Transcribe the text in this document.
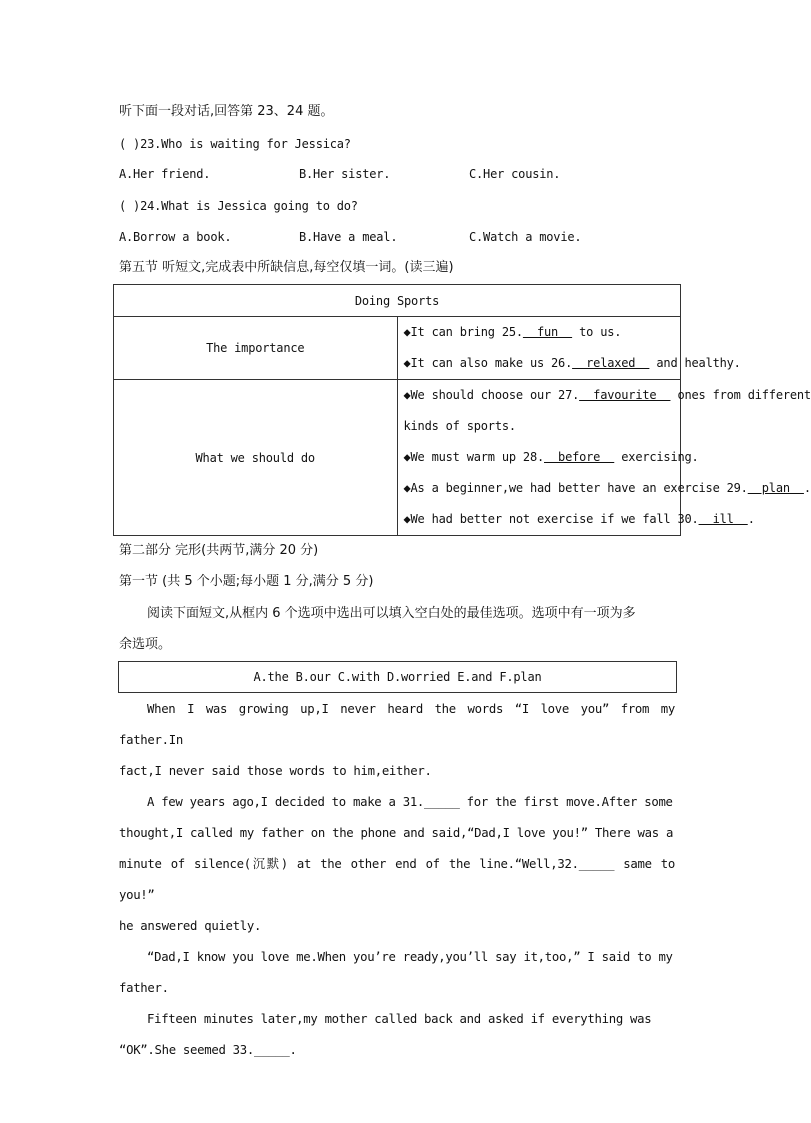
听下面一段对话,回答第 23、24 题。
( )23.Who is waiting for Jessica?
A.Her friend.	B.Her sister.	C.Her cousin.
( )24.What is Jessica going to do?
A.Borrow a book.	B.Have a meal.	C.Watch a movie.
第五节 听短文,完成表中所缺信息,每空仅填一词。(读三遍)
Doing Sports	
The importance	◆It can bring 25.  fun   to us.
◆It can also make us 26.  relaxed   and healthy.

What we should do	◆We should choose our 27.  favourite   ones from different
kinds of sports.
◆We must warm up 28.  before   exercising.
◆As a beginner,we had better have an exercise 29.  plan  .
◆We had better not exercise if we fall 30.  ill  .
第二部分 完形(共两节,满分 20 分)
第一节 (共 5 个小题;每小题 1 分,满分 5 分)
阅读下面短文,从框内 6 个选项中选出可以填入空白处的最佳选项。选项中有一项为多
余选项。
A.the B.our C.with D.worried E.and F.plan
When I was growing up,I never heard the words “I love you” from my father.In
fact,I never said those words to him,either.
A few years ago,I decided to make a 31._____ for the first move.After some
thought,I called my father on the phone and said,“Dad,I love you!” There was a
minute of silence(沉默) at the other end of the line.“Well,32._____ same to you!”
he answered quietly.
“Dad,I know you love me.When you’re ready,you’ll say it,too,” I said to my
father.
Fifteen minutes later,my mother called back and asked if everything was
“OK”.She seemed 33._____.
